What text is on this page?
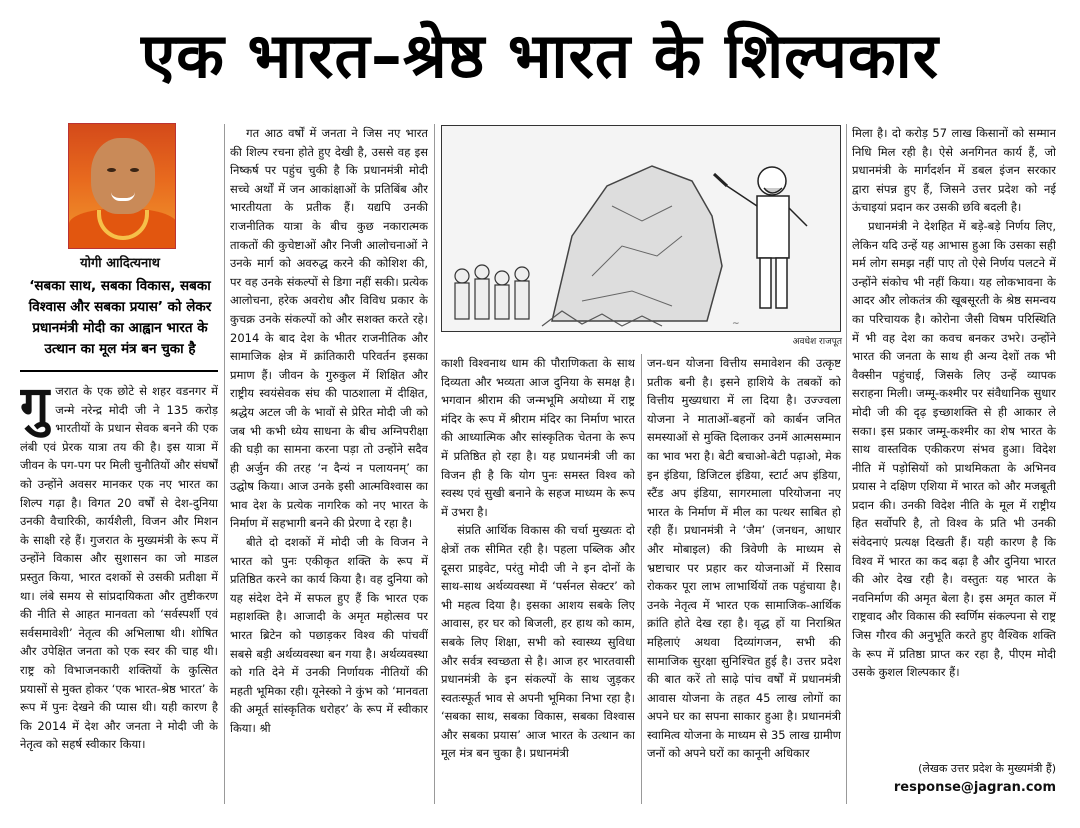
एक भारत–श्रेष्ठ भारत के शिल्पकार
योगी आदित्यनाथ
‘सबका साथ, सबका विकास, सबका विश्वास और सबका प्रयास’ को लेकर प्रधानमंत्री मोदी का आह्वान भारत के उत्थान का मूल मंत्र बन चुका है
गु जरात के एक छोटे से शहर वडनगर में जन्मे नरेन्द्र मोदी जी ने 135 करोड़ भारतीयों के प्रधान सेवक बनने की एक लंबी एवं प्रेरक यात्रा तय की है। इस यात्रा में जीवन के पग-पग पर मिली चुनौतियों और संघर्षों को उन्होंने अवसर मानकर एक नए भारत का शिल्प गढ़ा है। विगत 20 वर्षों से देश-दुनिया उनकी वैचारिकी, कार्यशैली, विजन और मिशन के साक्षी रहे हैं। गुजरात के मुख्यमंत्री के रूप में उन्होंने विकास और सुशासन का जो माडल प्रस्तुत किया, भारत दशकों से उसकी प्रतीक्षा में था। लंबे समय से सांप्रदायिकता और तुष्टीकरण की नीति से आहत मानवता को ‘सर्वस्पर्शी एवं सर्वसमावेशी’ नेतृत्व की अभिलाषा थी। शोषित और उपेक्षित जनता को एक स्वर की चाह थी। राष्ट्र को विभाजनकारी शक्तियों के कुत्सित प्रयासों से मुक्त होकर ‘एक भारत-श्रेष्ठ भारत’ के रूप में पुनः देखने की प्यास थी। यही कारण है कि 2014 में देश और जनता ने मोदी जी के नेतृत्व को सहर्ष स्वीकार किया।

गत आठ वर्षों में जनता ने जिस नए भारत की शिल्प रचना होते हुए देखी है, उससे वह इस निष्कर्ष पर पहुंच चुकी है कि प्रधानमंत्री मोदी सच्चे अर्थों में जन आकांक्षाओं के प्रतिबिंब और भारतीयता के प्रतीक हैं। यद्यपि उनकी राजनीतिक यात्रा के बीच कुछ नकारात्मक ताकतों की कुचेष्टाओं और निजी आलोचनाओं ने उनके मार्ग को अवरुद्ध करने की कोशिश की, पर वह उनके संकल्पों से डिगा नहीं सकी। प्रत्येक आलोचना, हरेक अवरोध और विविध प्रकार के कुचक्र उनके संकल्पों को और सशक्त करते रहे। 2014 के बाद देश के भीतर राजनीतिक और सामाजिक क्षेत्र में क्रांतिकारी परिवर्तन इसका प्रमाण हैं। जीवन के गुरुकुल में शिक्षित और राष्ट्रीय स्वयंसेवक संघ की पाठशाला में दीक्षित, श्रद्धेय अटल जी के भावों से प्रेरित मोदी जी को जब भी कभी ध्येय साधना के बीच अग्निपरीक्षा की घड़ी का सामना करना पड़ा तो उन्होंने सदैव ही अर्जुन की तरह ‘न दैन्यं न पलायनम्’ का उद्घोष किया। आज उनके इसी आत्मविश्वास का भाव देश के प्रत्येक नागरिक को नए भारत के निर्माण में सहभागी बनने की प्रेरणा दे रहा है।

बीते दो दशकों में मोदी जी के विजन ने भारत को पुनः एकीकृत शक्ति के रूप में प्रतिष्ठित करने का कार्य किया है। वह दुनिया को यह संदेश देने में सफल हुए हैं कि भारत एक महाशक्ति है। आजादी के अमृत महोत्सव पर भारत ब्रिटेन को पछाड़कर विश्व की पांचवीं सबसे बड़ी अर्थव्यवस्था बन गया है। अर्थव्यवस्था को गति देने में उनकी निर्णायक नीतियों की महती भूमिका रही। यूनेस्को ने कुंभ को ‘मानवता की अमूर्त सांस्कृतिक धरोहर’ के रूप में स्वीकार किया। श्री

~
अवधेश राजपूत

काशी विश्वनाथ धाम की पौराणिकता के साथ दिव्यता और भव्यता आज दुनिया के समक्ष है। भगवान श्रीराम की जन्मभूमि अयोध्या में राष्ट्र मंदिर के रूप में श्रीराम मंदिर का निर्माण भारत की आध्यात्मिक और सांस्कृतिक चेतना के रूप में प्रतिष्ठित हो रहा है। यह प्रधानमंत्री जी का विजन ही है कि योग पुनः समस्त विश्व को स्वस्थ एवं सुखी बनाने के सहज माध्यम के रूप में उभरा है।

संप्रति आर्थिक विकास की चर्चा मुख्यतः दो क्षेत्रों तक सीमित रही है। पहला पब्लिक और दूसरा प्राइवेट, परंतु मोदी जी ने इन दोनों के साथ-साथ अर्थव्यवस्था में ‘पर्सनल सेक्टर’ को भी महत्व दिया है। इसका आशय सबके लिए आवास, हर घर को बिजली, हर हाथ को काम, सबके लिए शिक्षा, सभी को स्वास्थ्य सुविधा और सर्वत्र स्वच्छता से है। आज हर भारतवासी प्रधानमंत्री के इन संकल्पों के साथ जुड़कर स्वतःस्फूर्त भाव से अपनी भूमिका निभा रहा है। ‘सबका साथ, सबका विकास, सबका विश्वास और सबका प्रयास’ आज भारत के उत्थान का मूल मंत्र बन चुका है। प्रधानमंत्री

जन-धन योजना वित्तीय समावेशन की उत्कृष्ट प्रतीक बनी है। इसने हाशिये के तबकों को वित्तीय मुख्यधारा में ला दिया है। उज्ज्वला योजना ने माताओं-बहनों को कार्बन जनित समस्याओं से मुक्ति दिलाकर उनमें आत्मसम्मान का भाव भरा है। बेटी बचाओ-बेटी पढ़ाओ, मेक इन इंडिया, डिजिटल इंडिया, स्टार्ट अप इंडिया, स्टैंड अप इंडिया, सागरमाला परियोजना नए भारत के निर्माण में मील का पत्थर साबित हो रही हैं। प्रधानमंत्री ने ‘जैम’ (जनधन, आधार और मोबाइल) की त्रिवेणी के माध्यम से भ्रष्टाचार पर प्रहार कर योजनाओं में रिसाव रोककर पूरा लाभ लाभार्थियों तक पहुंचाया है। उनके नेतृत्व में भारत एक सामाजिक-आर्थिक क्रांति होते देख रहा है। वृद्ध हों या निराश्रित महिलाएं अथवा दिव्यांगजन, सभी की सामाजिक सुरक्षा सुनिश्चित हुई है। उत्तर प्रदेश की बात करें तो साढ़े पांच वर्षों में प्रधानमंत्री आवास योजना के तहत 45 लाख लोगों का अपने घर का सपना साकार हुआ है। प्रधानमंत्री स्वामित्व योजना के माध्यम से 35 लाख ग्रामीण जनों को अपने घरों का कानूनी अधिकार

मिला है। दो करोड़ 57 लाख किसानों को सम्मान निधि मिल रही है। ऐसे अनगिनत कार्य हैं, जो प्रधानमंत्री के मार्गदर्शन में डबल इंजन सरकार द्वारा संपन्न हुए हैं, जिसने उत्तर प्रदेश को नई ऊंचाइयां प्रदान कर उसकी छवि बदली है।

प्रधानमंत्री ने देशहित में बड़े-बड़े निर्णय लिए, लेकिन यदि उन्हें यह आभास हुआ कि उसका सही मर्म लोग समझ नहीं पाए तो ऐसे निर्णय पलटने में उन्होंने संकोच भी नहीं किया। यह लोकभावना के आदर और लोकतंत्र की खूबसूरती के श्रेष्ठ समन्वय का परिचायक है। कोरोना जैसी विषम परिस्थिति में भी वह देश का कवच बनकर उभरे। उन्होंने भारत की जनता के साथ ही अन्य देशों तक भी वैक्सीन पहुंचाई, जिसके लिए उन्हें व्यापक सराहना मिली। जम्मू-कश्मीर पर संवैधानिक सुधार मोदी जी की दृढ़ इच्छाशक्ति से ही आकार ले सका। इस प्रकार जम्मू-कश्मीर का शेष भारत के साथ वास्तविक एकीकरण संभव हुआ। विदेश नीति में पड़ोसियों को प्राथमिकता के अभिनव प्रयास ने दक्षिण एशिया में भारत को और मजबूती प्रदान की। उनकी विदेश नीति के मूल में राष्ट्रीय हित सर्वोपरि है, तो विश्व के प्रति भी उनकी संवेदनाएं प्रत्यक्ष दिखती हैं। यही कारण है कि विश्व में भारत का कद बढ़ा है और दुनिया भारत की ओर देख रही है। वस्तुतः यह भारत के नवनिर्माण की अमृत बेला है। इस अमृत काल में राष्ट्रवाद और विकास की स्वर्णिम संकल्पना से राष्ट्र जिस गौरव की अनुभूति करते हुए वैश्विक शक्ति के रूप में प्रतिष्ठा प्राप्त कर रहा है, पीएम मोदी उसके कुशल शिल्पकार हैं।

(लेखक उत्तर प्रदेश के मुख्यमंत्री हैं)
response@jagran.com
